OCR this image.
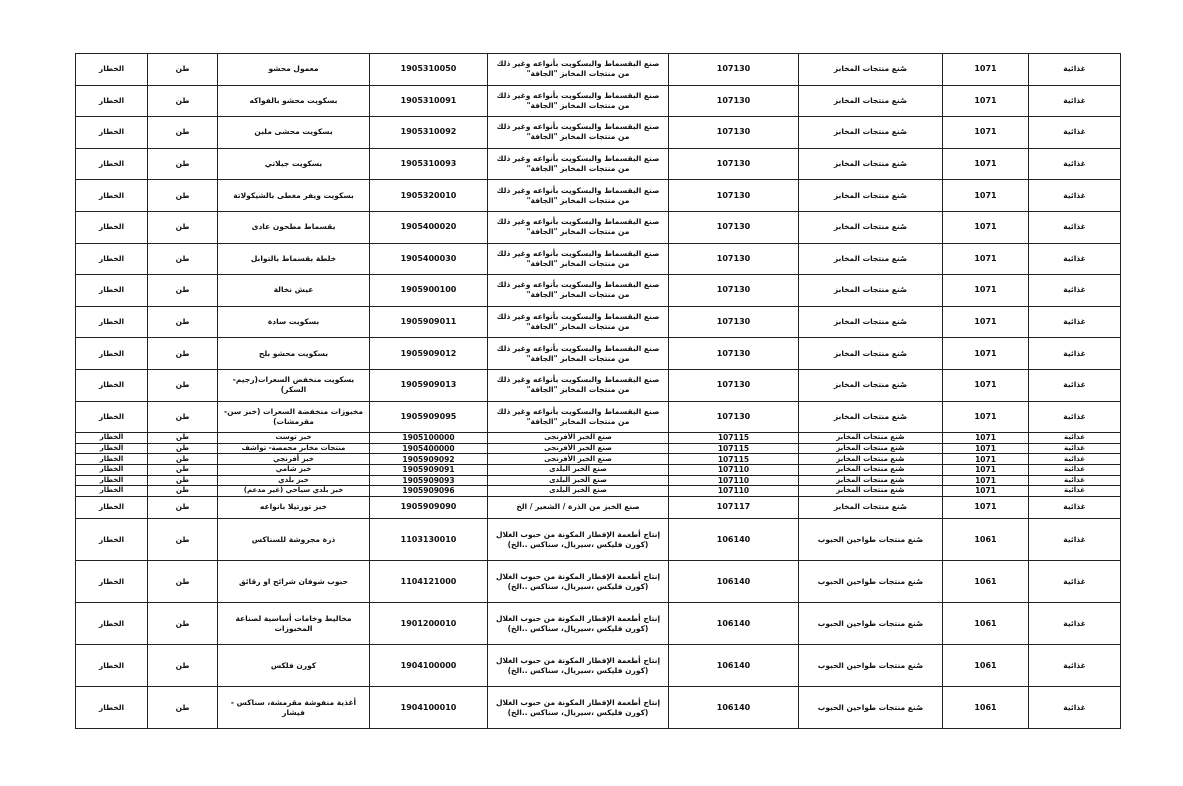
غذائية	1071	صُنع منتجات المخابز	107130	صنع البقسماط والبسكويت بأنواعه وغير ذلك من منتجات المخابز "الجافة"	1905310050	معمول محشو	طن	الخطار
غذائية	1071	صُنع منتجات المخابز	107130	صنع البقسماط والبسكويت بأنواعه وغير ذلك من منتجات المخابز "الجافة"	1905310091	بسكويت محشو بالفواكه	طن	الخطار
غذائية	1071	صُنع منتجات المخابز	107130	صنع البقسماط والبسكويت بأنواعه وغير ذلك من منتجات المخابز "الجافة"	1905310092	بسكويت محشى ملبن	طن	الخطار
غذائية	1071	صُنع منتجات المخابز	107130	صنع البقسماط والبسكويت بأنواعه وغير ذلك من منتجات المخابز "الجافة"	1905310093	بسكويت جيلاتي	طن	الخطار
غذائية	1071	صُنع منتجات المخابز	107130	صنع البقسماط والبسكويت بأنواعه وغير ذلك من منتجات المخابز "الجافة"	1905320010	بسكويت ويفر مغطى بالشيكولاتة	طن	الخطار
غذائية	1071	صُنع منتجات المخابز	107130	صنع البقسماط والبسكويت بأنواعه وغير ذلك من منتجات المخابز "الجافة"	1905400020	بقسماط مطحون عادى	طن	الخطار
غذائية	1071	صُنع منتجات المخابز	107130	صنع البقسماط والبسكويت بأنواعه وغير ذلك من منتجات المخابز "الجافة"	1905400030	خلطة بقسماط بالتوابل	طن	الخطار
غذائية	1071	صُنع منتجات المخابز	107130	صنع البقسماط والبسكويت بأنواعه وغير ذلك من منتجات المخابز "الجافة"	1905900100	عيش نخالة	طن	الخطار
غذائية	1071	صُنع منتجات المخابز	107130	صنع البقسماط والبسكويت بأنواعه وغير ذلك من منتجات المخابز "الجافة"	1905909011	بسكويت سادة	طن	الخطار
غذائية	1071	صُنع منتجات المخابز	107130	صنع البقسماط والبسكويت بأنواعه وغير ذلك من منتجات المخابز "الجافة"	1905909012	بسكويت محشو بلح	طن	الخطار
غذائية	1071	صُنع منتجات المخابز	107130	صنع البقسماط والبسكويت بأنواعه وغير ذلك من منتجات المخابز "الجافة"	1905909013	بسكويت منخفض السعرات(رجيم- السكر)	طن	الخطار
غذائية	1071	صُنع منتجات المخابز	107130	صنع البقسماط والبسكويت بأنواعه وغير ذلك من منتجات المخابز "الجافة"	1905909095	مخبوزات منخفضة السعرات (خبز سن- مقرمشات)	طن	الخطار
غذائية	1071	صُنع منتجات المخابز	107115	صنع الخبز الأفرنجى	1905100000	خبز توست	طن	الخطار
غذائية	1071	صُنع منتجات المخابز	107115	صنع الخبز الأفرنجى	1905400000	منتجات مخابز محمصة- تواشف	طن	الخطار
غذائية	1071	صُنع منتجات المخابز	107115	صنع الخبز الأفرنجى	1905909092	خبز أفرنجي	طن	الخطار
غذائية	1071	صُنع منتجات المخابز	107110	صنع الخبز البلدى	1905909091	خبز شامي	طن	الخطار
غذائية	1071	صُنع منتجات المخابز	107110	صنع الخبز البلدى	1905909093	خبز بلدي	طن	الخطار
غذائية	1071	صُنع منتجات المخابز	107110	صنع الخبز البلدى	1905909096	خبز بلدي سياحي (غير مدعم)	طن	الخطار
غذائية	1071	صُنع منتجات المخابز	107117	صنع الخبز من الذرة / الشعير / الخ	1905909090	خبز تورتيلا بانواعه	طن	الخطار
غذائية	1061	صُنع منتجات طواحين الحبوب	106140	إنتاج أطعمة الإفطار المكونة من حبوب الغلال (كورن فليكس ،سيريال، سناكس ..الخ)	1103130010	ذرة مجروشة للسناكس	طن	الخطار
غذائية	1061	صُنع منتجات طواحين الحبوب	106140	إنتاج أطعمة الإفطار المكونة من حبوب الغلال (كورن فليكس ،سيريال، سناكس ..الخ)	1104121000	حبوب شوفان شرائح او رقائق	طن	الخطار
غذائية	1061	صُنع منتجات طواحين الحبوب	106140	إنتاج أطعمة الإفطار المكونة من حبوب الغلال (كورن فليكس ،سيريال، سناكس ..الخ)	1901200010	مخاليط وخامات أساسية لصناعة المخبوزات	طن	الخطار
غذائية	1061	صُنع منتجات طواحين الحبوب	106140	إنتاج أطعمة الإفطار المكونة من حبوب الغلال (كورن فليكس ،سيريال، سناكس ..الخ)	1904100000	كورن فلكس	طن	الخطار
غذائية	1061	صُنع منتجات طواحين الحبوب	106140	إنتاج أطعمة الإفطار المكونة من حبوب الغلال (كورن فليكس ،سيريال، سناكس ..الخ)	1904100010	أغذية منفوشة مقرمشة، سناكس - فيشار	طن	الخطار
